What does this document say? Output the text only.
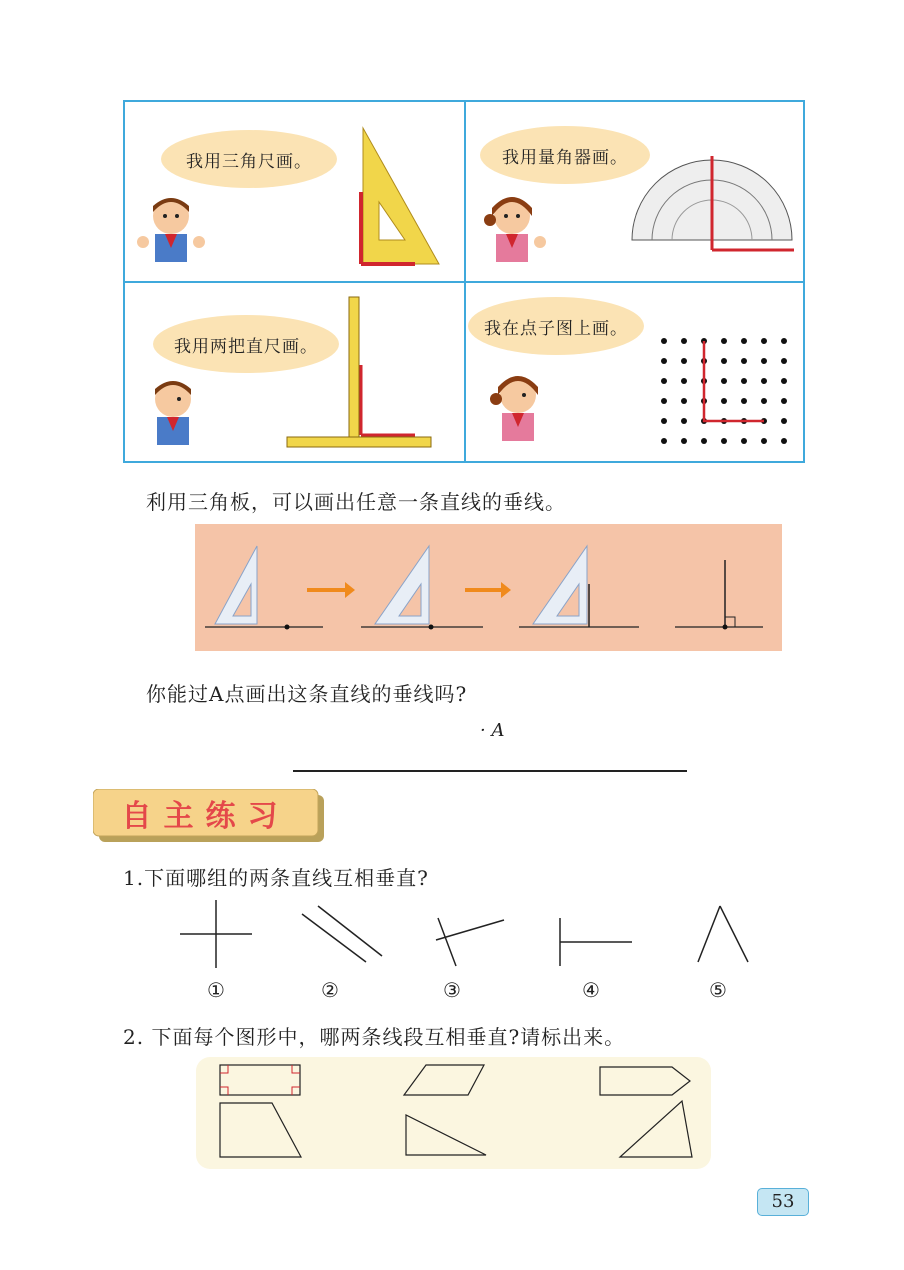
我用三角尺画。	我用量角器画。
我用两把直尺画。
我在点子图上画。
利用三角板，可以画出任意一条直线的垂线。
你能过A点画出这条直线的垂线吗?
· A
自主练习
1.下面哪组的两条直线互相垂直?
①	②	③	④	⑤
2. 下面每个图形中，哪两条线段互相垂直?请标出来。
53
